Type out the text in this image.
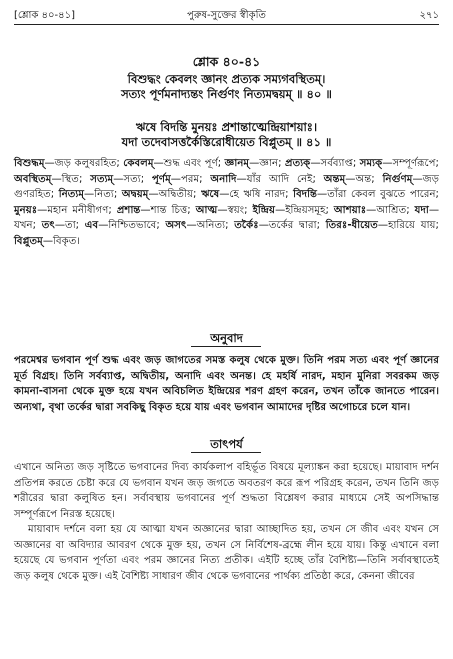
[শ্লোক ৪০-৪১]	পুরুষ-সুক্তের স্বীকৃতি	২৭১
শ্লোক ৪০-৪১
বিশুদ্ধং কেবলং জ্ঞানং প্রত্যক সম্যগবস্থিতম্‌।
সত্যং পূর্ণমনাদ্যন্তং নির্গুণং নিত্যমদ্বয়ম্‌ ॥ ৪০ ॥
ঋষে বিদন্তি মুনয়ঃ প্রশান্তাত্মেন্দ্রিয়াশয়াঃ।
যদা তদেবাসত্তর্কৈস্তিরোধীয়েত বিপ্লুতম্‌ ॥ ৪১ ॥
বিশুদ্ধম্‌—জড় কলুষরহিত; কেবলম্‌—শুদ্ধ এবং পূর্ণ; জ্ঞানম্‌—জ্ঞান; প্রত্যক্‌—সর্বব্যাপ্ত; সম্যক্‌—সম্পূর্ণরূপে; অবস্থিতম্‌—স্থিত; সত্যম্‌—সত্য; পূর্ণম্‌—পরম; অনাদি—যাঁর আদি নেই; অন্তম্‌—অন্ত; নির্গুণম্‌—জড় গুণরহিত; নিত্যম্‌—নিত্য; অদ্বয়ম্‌—অদ্বিতীয়; ঋষে—হে ঋষি নারদ; বিদন্তি—তাঁরা কেবল বুঝতে পারেন; মুনয়ঃ—মহান মনীষীগণ; প্রশান্ত—শান্ত চিত্ত; আত্ম—স্বয়ং; ইন্দ্রিয়—ইন্দ্রিয়সমূহ; আশয়াঃ—আশ্রিত; যদা—যখন; তৎ—তা; এব—নিশ্চিতভাবে; অসৎ—অনিত্য; তর্কৈঃ—তর্কের দ্বারা; তিরঃ-ধীয়েত—হারিয়ে যায়; বিপ্লুতম্‌—বিকৃত।
অনুবাদ
পরমেশ্বর ভগবান পূর্ণ শুদ্ধ এবং জড় জাগতের সমস্ত কলুষ থেকে মুক্ত। তিনি পরম সত্য এবং পূর্ণ জ্ঞানের মূর্ত বিগ্রহ। তিনি সর্বব্যাপ্ত, অদ্বিতীয়, অনাদি এবং অনন্ত। হে মহর্ষি নারদ, মহান মুনিরা সবরকম জড় কামনা-বাসনা থেকে মুক্ত হয়ে যখন অবিচলিত ইন্দ্রিয়ের শরণ গ্রহণ করেন, তখন তাঁকে জানতে পারেন। অন্যথা, বৃথা তর্কের দ্বারা সবকিছু বিকৃত হয়ে যায় এবং ভগবান আমাদের দৃষ্টির অগোচরে চলে যান।
তাৎপর্য

এখানে অনিত্য জড় সৃষ্টিতে ভগবানের দিব্য কার্যকলাপ বহির্ভূত বিষয়ে মূল্যাঙ্কন করা হয়েছে। মায়াবাদ দর্শন প্রতিপন্ন করতে চেষ্টা করে যে ভগবান যখন জড় জগতে অবতরণ করে রূপ পরিগ্রহ করেন, তখন তিনি জড় শরীরের দ্বারা কলুষিত হন। সর্বাবস্থায় ভগবানের পূর্ণ শুদ্ধতা বিশ্লেষণ করার মাধ্যমে সেই অপসিদ্ধান্ত সম্পূর্ণরূপে নিরস্ত হয়েছে।

মায়াবাদ দর্শনে বলা হয় যে আত্মা যখন অজ্ঞানের দ্বারা আচ্ছাদিত হয়, তখন সে জীব এবং যখন সে অজ্ঞানের বা অবিদ্যার আবরণ থেকে মুক্ত হয়, তখন সে নির্বিশেষ-ব্রহ্মে লীন হয়ে যায়। কিন্তু এখানে বলা হয়েছে যে ভগবান পূর্ণতা এবং পরম জ্ঞানের নিত্য প্রতীক। এইটি হচ্ছে তাঁর বৈশিষ্ট্য—তিনি সর্বাবস্থাতেই জড় কলুষ থেকে মুক্ত। এই বৈশিষ্ট্য সাধারণ জীব থেকে ভগবানের পার্থক্য প্রতিষ্ঠা করে, কেননা জীবের
